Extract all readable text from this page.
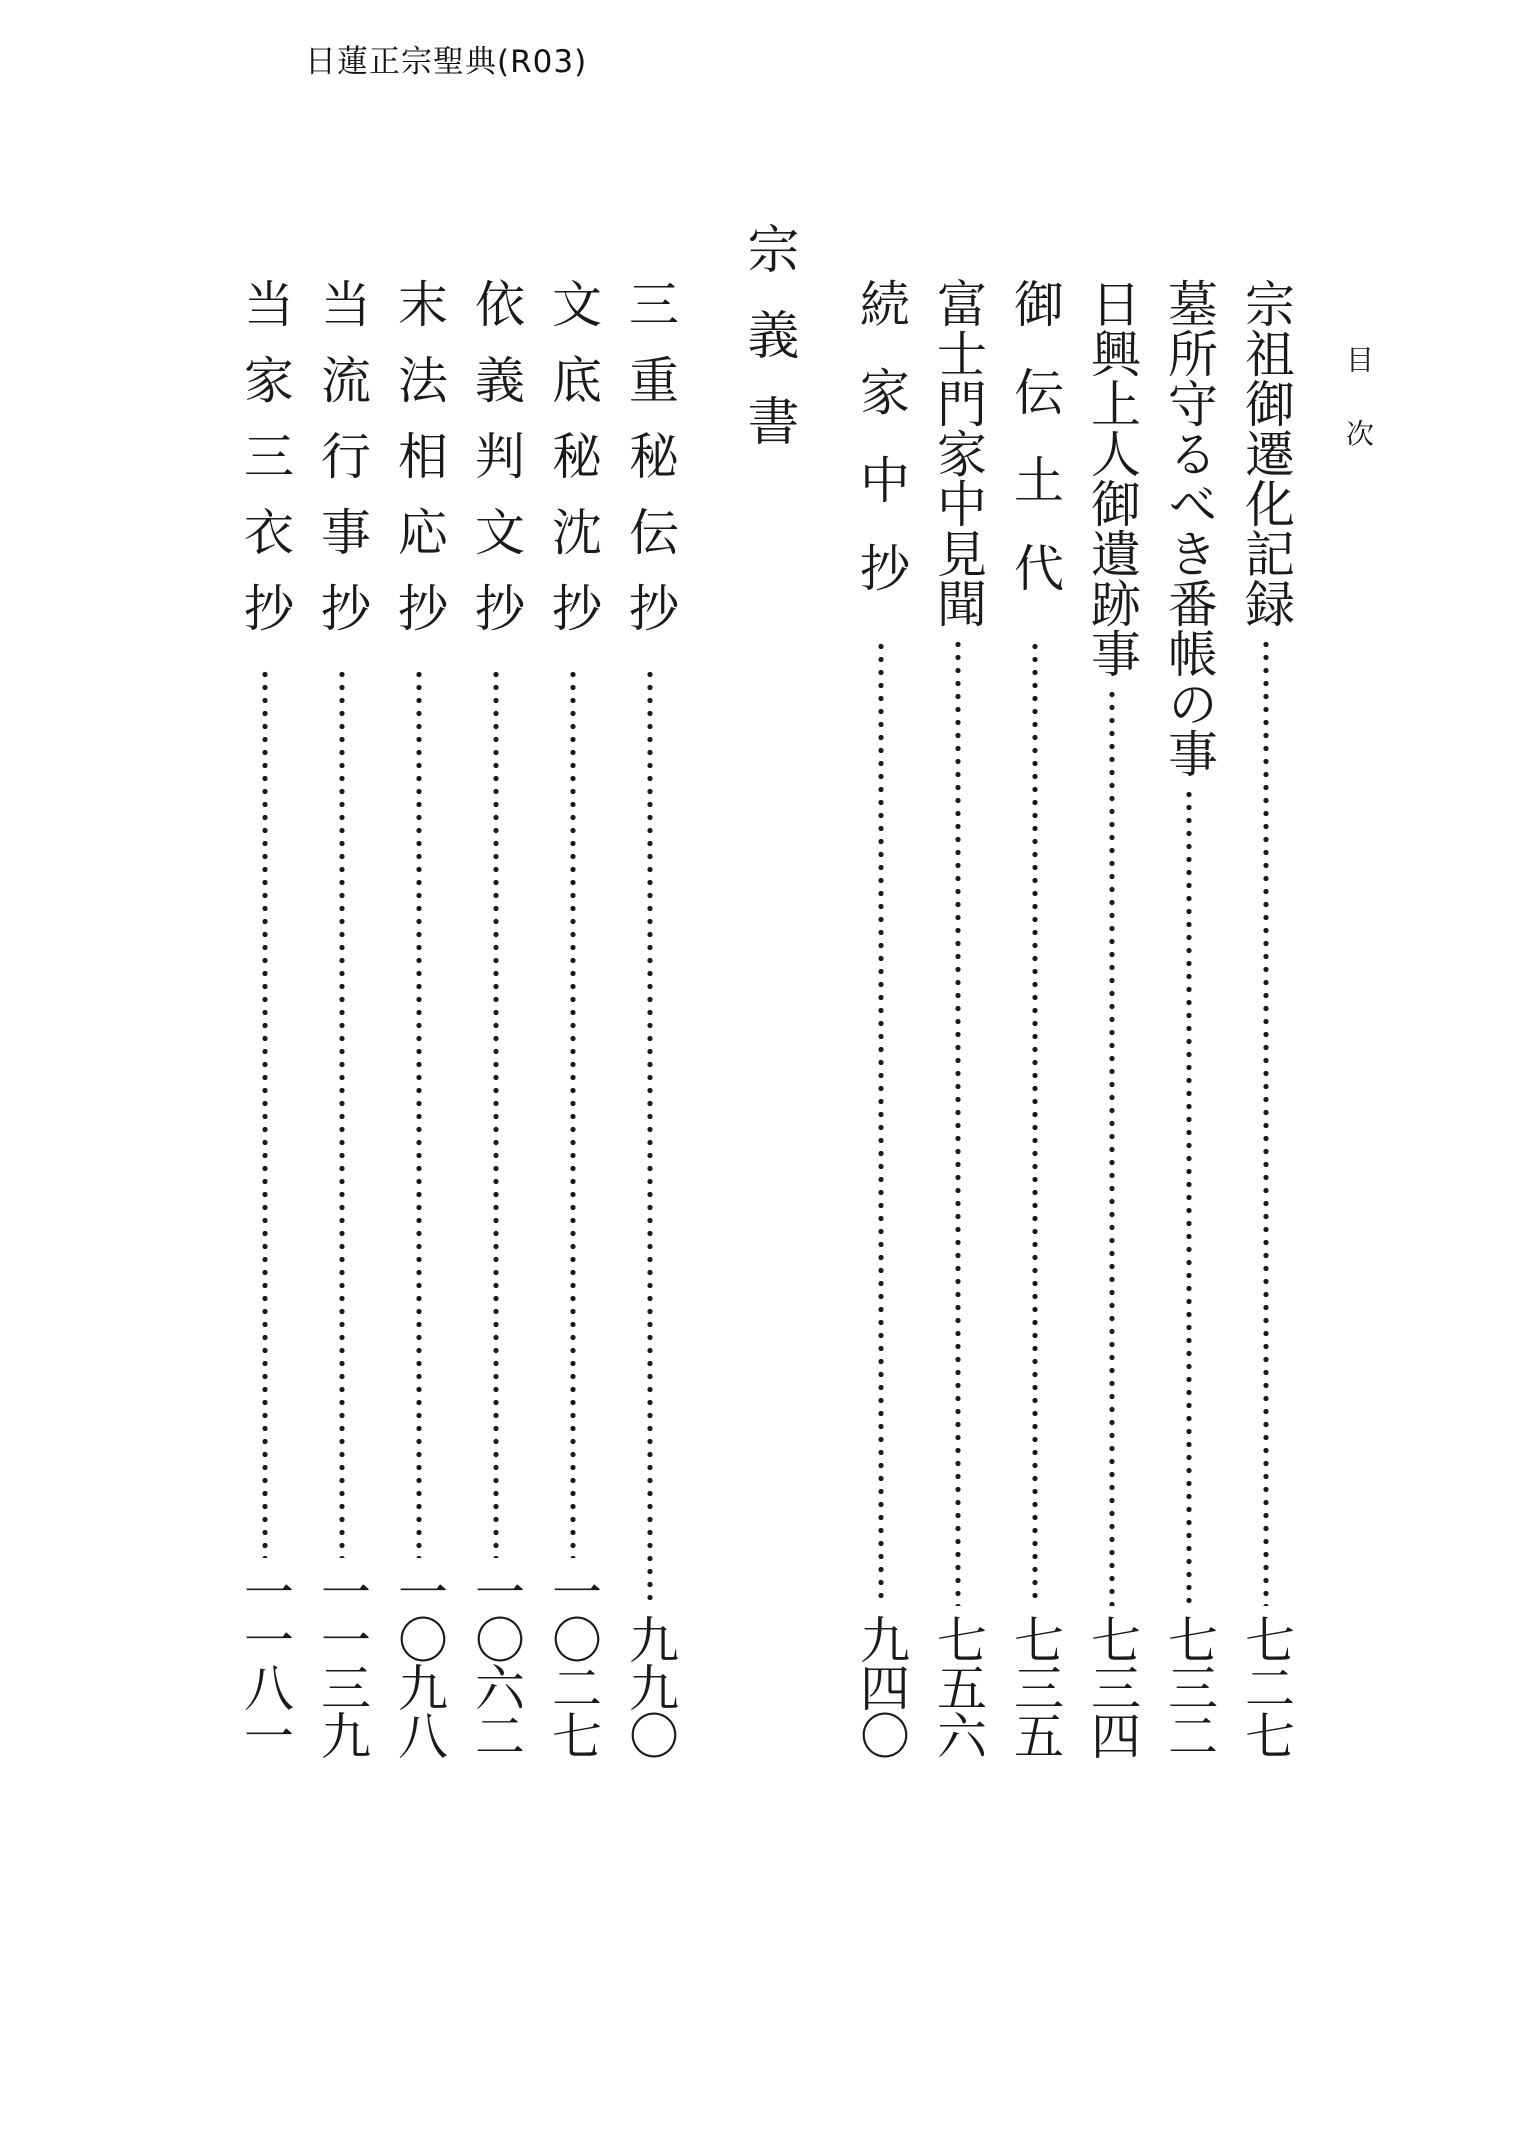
日蓮正宗聖典(R03)
目次
宗祖御遷化記録
七二七
墓所守るべき番帳の事
七三二
日興上人御遺跡事
七三四
御伝土代
七三五
富士門家中見聞
七五六
続家中抄
九四〇
宗義書
三重秘伝抄
九九〇
文底秘沈抄
一〇二七
依義判文抄
一〇六二
末法相応抄
一〇九八
当流行事抄
一一三九
当家三衣抄
一一八一
